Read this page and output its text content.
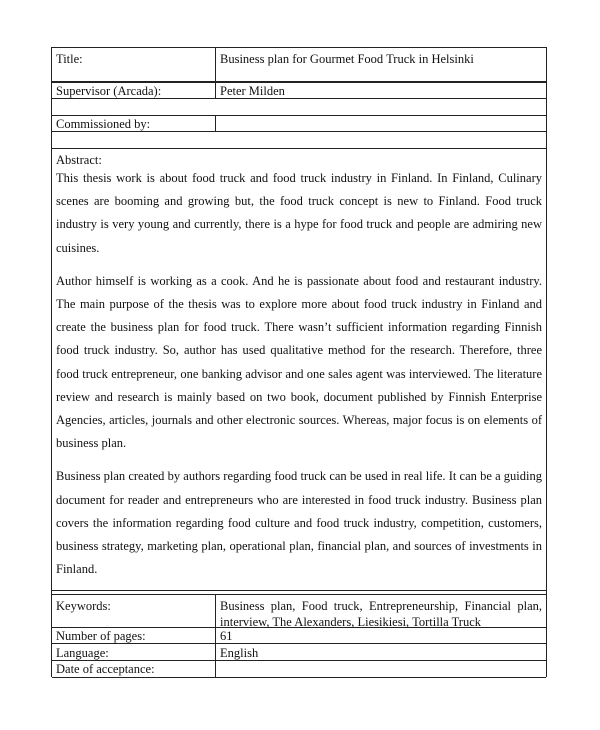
Title:	Business plan for Gourmet Food Truck in Helsinki
Supervisor (Arcada):	Peter Milden
Commissioned by:
Abstract:

This thesis work is about food truck and food truck industry in Finland. In Finland, Culinary scenes are booming and growing but, the food truck concept is new to Finland. Food truck industry is very young and currently, there is a hype for food truck and people are admiring new cuisines.

Author himself is working as a cook. And he is passionate about food and restaurant industry. The main purpose of the thesis was to explore more about food truck industry in Finland and create the business plan for food truck. There wasn’t sufficient information regarding Finnish food truck industry. So, author has used qualitative method for the research. Therefore, three food truck entrepreneur, one banking advisor and one sales agent was interviewed. The literature review and research is mainly based on two book, document published by Finnish Enterprise Agencies, articles, journals and other electronic sources. Whereas, major focus is on elements of business plan.

Business plan created by authors regarding food truck can be used in real life. It can be a guiding document for reader and entrepreneurs who are interested in food truck industry. Business plan covers the information regarding food culture and food truck industry, competition, customers, business strategy, marketing plan, operational plan, financial plan, and sources of investments in Finland.

Keywords:	Business plan, Food truck, Entrepreneurship, Financial plan, interview, The Alexanders, Liesikiesi, Tortilla Truck
Number of pages:	61
Language:	English
Date of acceptance:
